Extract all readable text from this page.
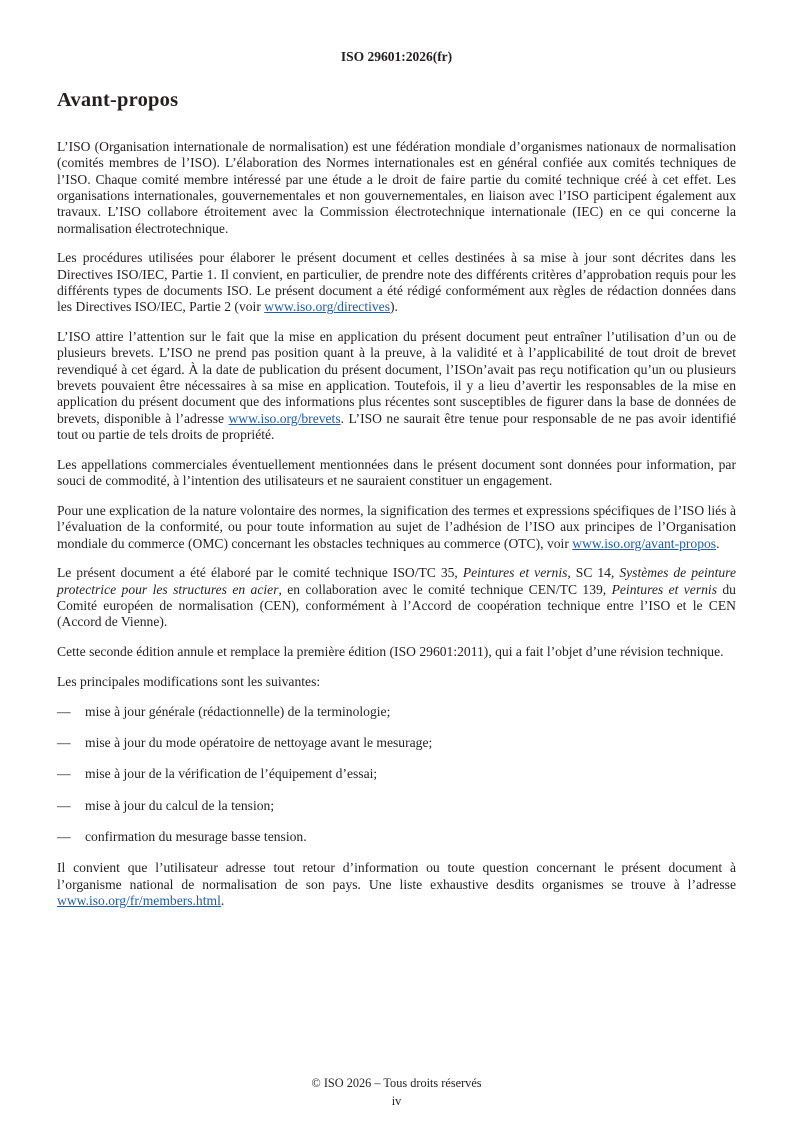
ISO 29601:2026(fr)
Avant-propos

L’ISO (Organisation internationale de normalisation) est une fédération mondiale d’organismes nationaux de normalisation (comités membres de l’ISO). L’élaboration des Normes internationales est en général confiée aux comités techniques de l’ISO. Chaque comité membre intéressé par une étude a le droit de faire partie du comité technique créé à cet effet. Les organisations internationales, gouvernementales et non gouvernementales, en liaison avec l’ISO participent également aux travaux. L’ISO collabore étroitement avec la Commission électrotechnique internationale (IEC) en ce qui concerne la normalisation électrotechnique.

Les procédures utilisées pour élaborer le présent document et celles destinées à sa mise à jour sont décrites dans les Directives ISO/IEC, Partie 1. Il convient, en particulier, de prendre note des différents critères d’approbation requis pour les différents types de documents ISO. Le présent document a été rédigé conformément aux règles de rédaction données dans les Directives ISO/IEC, Partie 2 (voir www.iso.org/directives).

L’ISO attire l’attention sur le fait que la mise en application du présent document peut entraîner l’utilisation d’un ou de plusieurs brevets. L’ISO ne prend pas position quant à la preuve, à la validité et à l’applicabilité de tout droit de brevet revendiqué à cet égard. À la date de publication du présent document, l’ISOn’avait pas reçu notification qu’un ou plusieurs brevets pouvaient être nécessaires à sa mise en application. Toutefois, il y a lieu d’avertir les responsables de la mise en application du présent document que des informations plus récentes sont susceptibles de figurer dans la base de données de brevets, disponible à l’adresse www.iso.org/brevets. L’ISO ne saurait être tenue pour responsable de ne pas avoir identifié tout ou partie de tels droits de propriété.

Les appellations commerciales éventuellement mentionnées dans le présent document sont données pour information, par souci de commodité, à l’intention des utilisateurs et ne sauraient constituer un engagement.

Pour une explication de la nature volontaire des normes, la signification des termes et expressions spécifiques de l’ISO liés à l’évaluation de la conformité, ou pour toute information au sujet de l’adhésion de l’ISO aux principes de l’Organisation mondiale du commerce (OMC) concernant les obstacles techniques au commerce (OTC), voir www.iso.org/avant-propos.

Le présent document a été élaboré par le comité technique ISO/TC 35, Peintures et vernis, SC 14, Systèmes de peinture protectrice pour les structures en acier, en collaboration avec le comité technique CEN/TC 139, Peintures et vernis du Comité européen de normalisation (CEN), conformément à l’Accord de coopération technique entre l’ISO et le CEN (Accord de Vienne).

Cette seconde édition annule et remplace la première édition (ISO 29601:2011), qui a fait l’objet d’une révision technique.

Les principales modifications sont les suivantes:

—	mise à jour générale (rédactionnelle) de la terminologie;
—	mise à jour du mode opératoire de nettoyage avant le mesurage;
—	mise à jour de la vérification de l’équipement d’essai;
—	mise à jour du calcul de la tension;
—	confirmation du mesurage basse tension.

Il convient que l’utilisateur adresse tout retour d’information ou toute question concernant le présent document à l’organisme national de normalisation de son pays. Une liste exhaustive desdits organismes se trouve à l’adresse www.iso.org/fr/members.html.

© ISO 2026 – Tous droits réservés
iv
